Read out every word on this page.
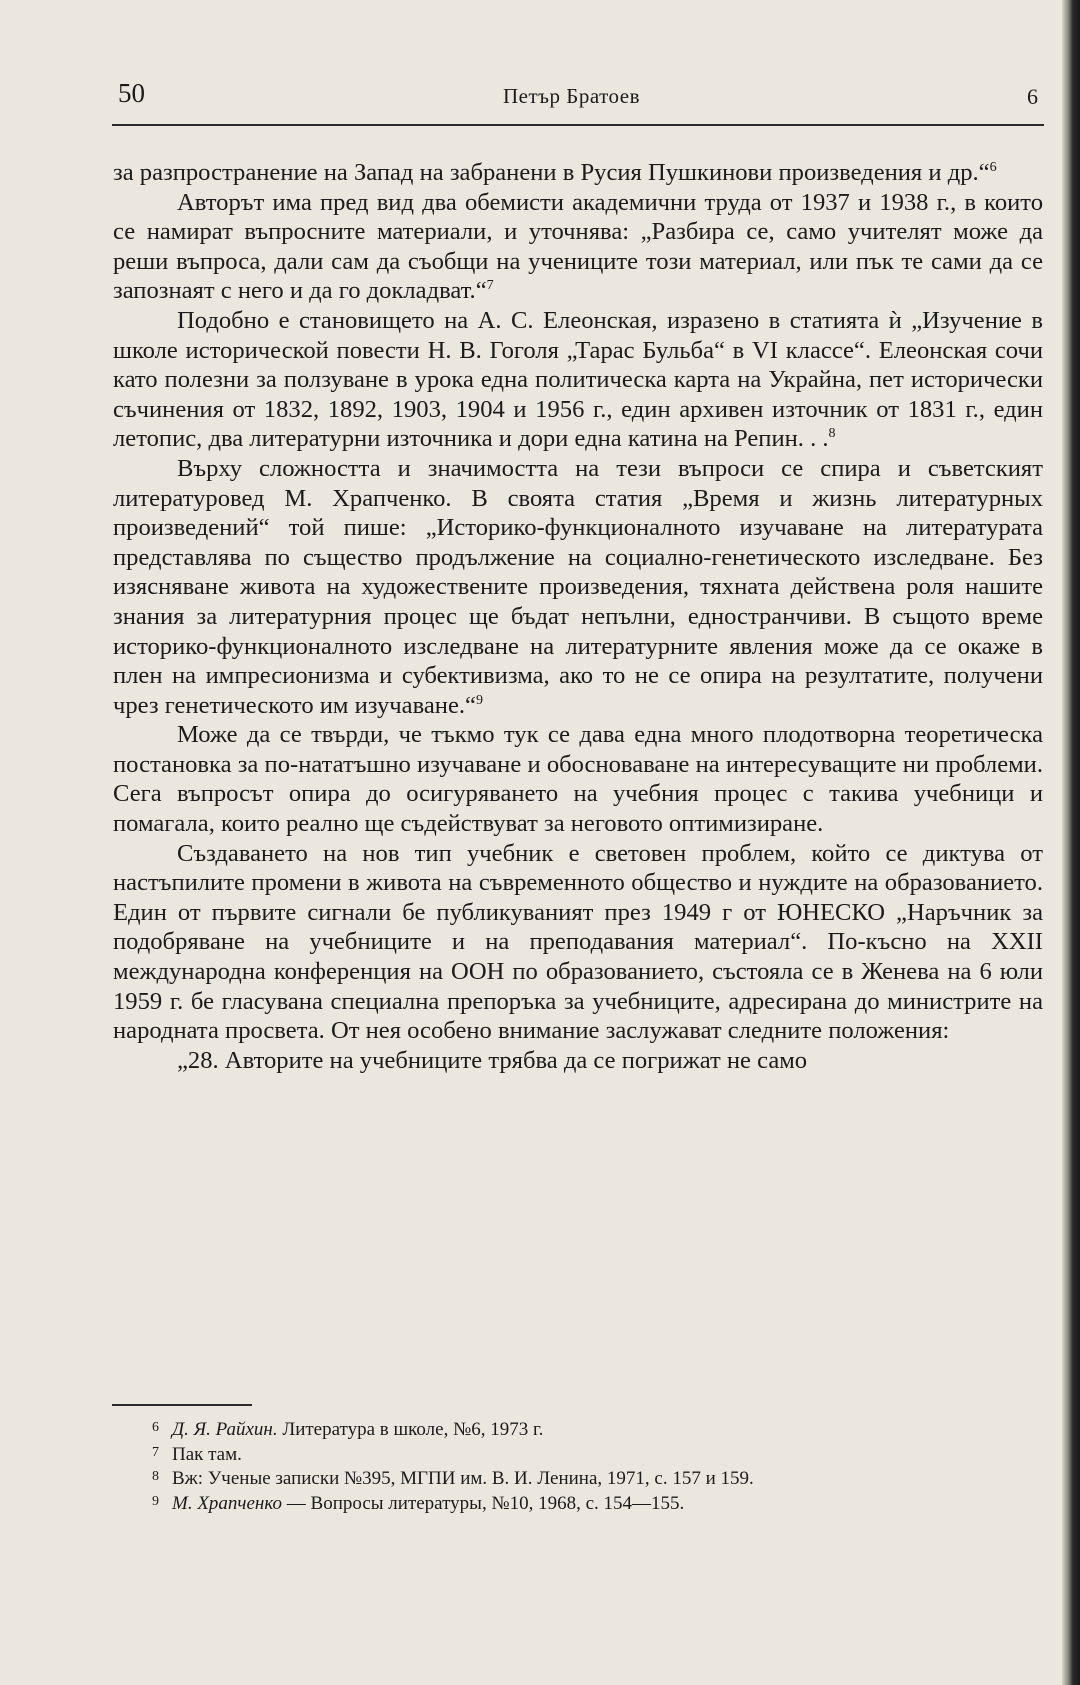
50	Петър Братоев	6

за разпространение на Запад на забранени в Русия Пушкинови произведения и др.“$^6$

Авторът има пред вид два обемисти академични труда от 1937 и 1938 г., в които се намират въпросните материали, и уточнява: „Разбира се, само учителят може да реши въпроса, дали сам да съобщи на учениците този материал, или пък те сами да се запознаят с него и да го докладват.“$^7$

Подобно е становището на А. С. Елеонская, изразено в статията ѝ „Изучение в школе исторической повести Н. В. Гоголя „Тарас Бульба“ в VI классе“. Елеонская сочи като полезни за ползуване в урока една политическа карта на Украйна, пет исторически съчинения от 1832, 1892, 1903, 1904 и 1956 г., един архивен източник от 1831 г., един летопис, два литературни източника и дори една катина на Репин. . .$^8$

Върху сложността и значимостта на тези въпроси се спира и съветският литературовед М. Храпченко. В своята статия „Время и жизнь литературных произведений“ той пише: „Историко-функционалното изучаване на литературата представлява по същество продължение на социално-генетическото изследване. Без изясняване живота на художествените произведения, тяхната действена роля нашите знания за литературния процес ще бъдат непълни, едностранчиви. В същото време историко-функционалното изследване на литературните явления може да се окаже в плен на импресионизма и субективизма, ако то не се опира на резултатите, получени чрез генетическото им изучаване.“$^9$

Може да се твърди, че тъкмо тук се дава една много плодотворна теоретическа постановка за по-нататъшно изучаване и обосноваване на интересуващите ни проблеми. Сега въпросът опира до осигуряването на учебния процес с такива учебници и помагала, които реално ще съдействуват за неговото оптимизиране.

Създаването на нов тип учебник е световен проблем, който се диктува от настъпилите промени в живота на съвременното общество и нуждите на образованието. Един от първите сигнали бе публикуваният през 1949 г от ЮНЕСКО „Наръчник за подобряване на учебниците и на преподавания материал“. По-късно на XXII международна конференция на ООН по образованието, състояла се в Женева на 6 юли 1959 г. бе гласувана специална препоръка за учебниците, адресирана до министрите на народната просвета. От нея особено внимание заслужават следните положения:

„28. Авторите на учебниците трябва да се погрижат не само

6 Д. Я. Райхин. Литература в школе, №6, 1973 г.

7 Пак там.

8 Вж: Ученые записки №395, МГПИ им. В. И. Ленина, 1971, с. 157 и 159.

9 М. Храпченко — Вопросы литературы, №10, 1968, с. 154—155.
